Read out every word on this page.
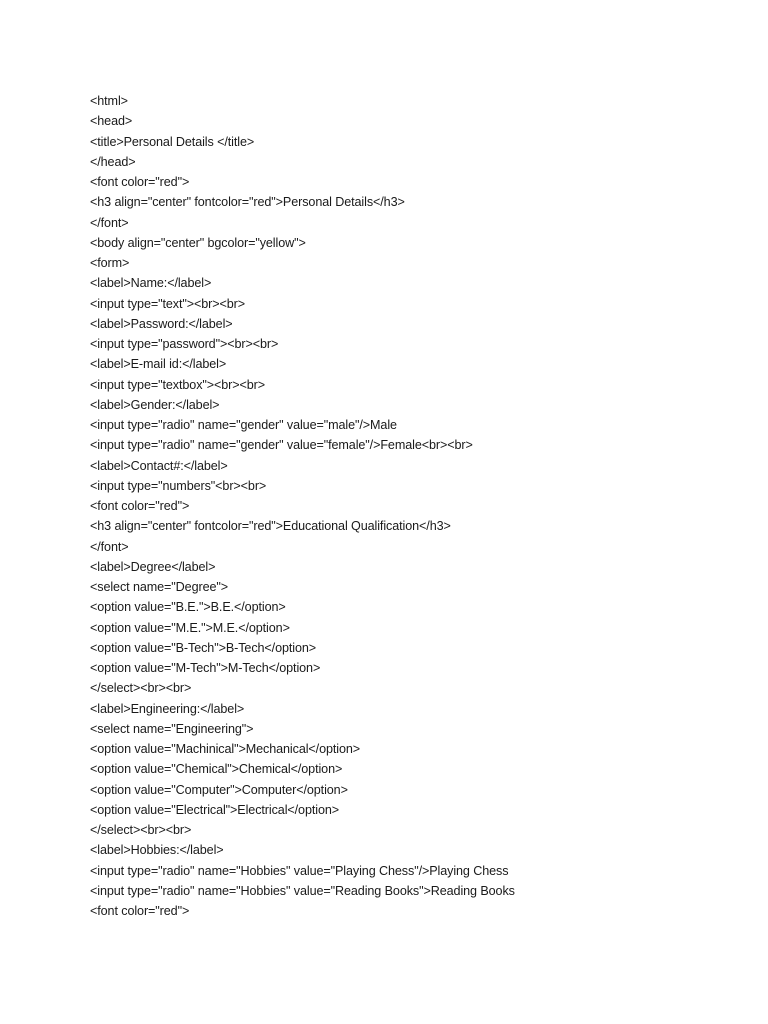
<html>
<head>
<title>Personal Details </title>
</head>
<font color="red">
<h3 align="center" fontcolor="red">Personal Details</h3>
</font>
<body align="center" bgcolor="yellow">
<form>
<label>Name:</label>
<input type="text"><br><br>
<label>Password:</label>
<input type="password"><br><br>
<label>E-mail id:</label>
<input type="textbox"><br><br>
<label>Gender:</label>
<input type="radio" name="gender" value="male"/>Male
<input type="radio" name="gender" value="female"/>Female<br><br>
<label>Contact#:</label>
<input type="numbers"<br><br>
<font color="red">
<h3 align="center" fontcolor="red">Educational Qualification</h3>
</font>
<label>Degree</label>
<select name="Degree">
<option value="B.E.">B.E.</option>
<option value="M.E.">M.E.</option>
<option value="B-Tech">B-Tech</option>
<option value="M-Tech">M-Tech</option>
</select><br><br>
<label>Engineering:</label>
<select name="Engineering">
<option value="Machinical">Mechanical</option>
<option value="Chemical">Chemical</option>
<option value="Computer">Computer</option>
<option value="Electrical">Electrical</option>
</select><br><br>
<label>Hobbies:</label>
<input type="radio" name="Hobbies" value="Playing Chess"/>Playing Chess
<input type="radio" name="Hobbies" value="Reading Books">Reading Books
<font color="red">
